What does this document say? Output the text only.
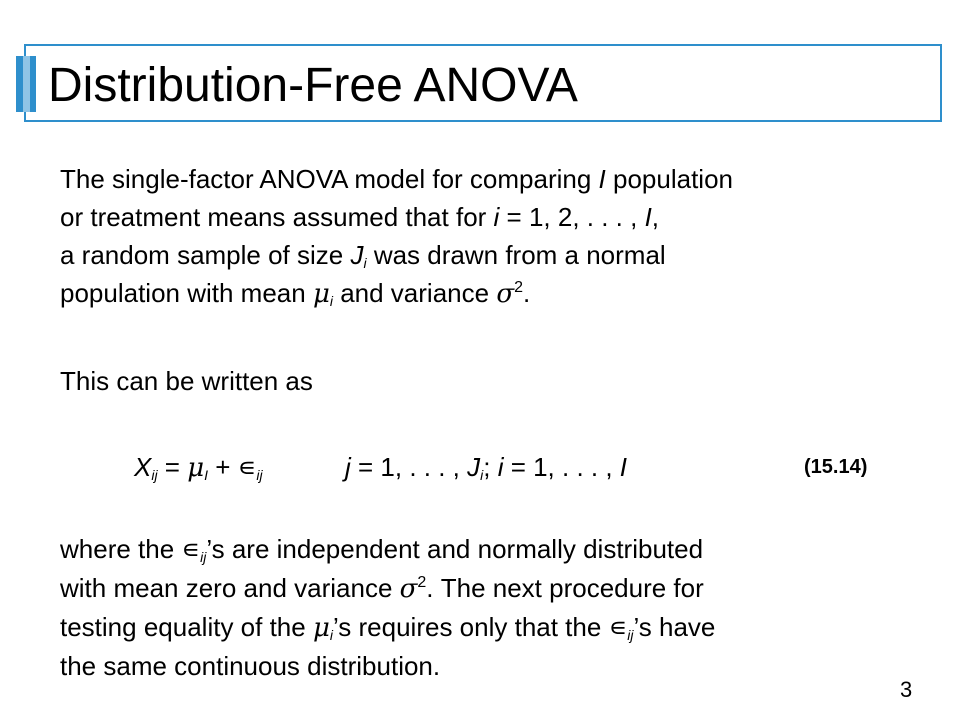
Distribution-Free ANOVA

The single-factor ANOVA model for comparing I population
or treatment means assumed that for i = 1, 2, . . . , I,
a random sample of size $J_i$ was drawn from a normal
population with mean $\mu_i$ and variance $\sigma^2$.

This can be written as

$X_{ij} = \mu_I$ + $∊_{ij}$	j = 1, . . . , $J_i$; i = 1, . . . , I	(15.14)

where the $∊_{ij}’s$ are independent and normally distributed
with mean zero and variance $\sigma^2$. The next procedure for
testing equality of the $\mu_i’s$ requires only that the $∊_{ij}’s$ have
the same continuous distribution.

3
